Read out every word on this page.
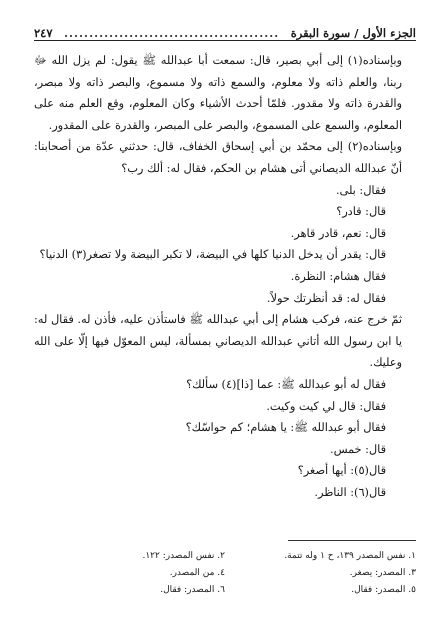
الجزء الأول / سورة البقرة
...........................................
٢٤٧

وبإسناده(١) إلى أبي بصير، قال: سمعت أبا عبدالله ﷺ يقول: لم يزل الله ﷻ ربنا، والعلم ذاته ولا معلوم، والسمع ذاته ولا مسموع، والبصر ذاته ولا مبصر، والقدرة ذاته ولا مقدور. فلمّا أحدث الأشياء وكان المعلوم، وقع العلم منه على المعلوم، والسمع على المسموع، والبصر على المبصر، والقدرة على المقدور.

وبإسناده(٢) إلى محمّد بن أبي إسحاق الخفاف، قال: حدثني عدّة من أصحابنا: أنّ عبدالله الديصاني أتى هشام بن الحكم، فقال له: ألك رب؟

فقال: بلى.

قال: قادر؟

قال: نعم، قادر قاهر.

قال: يقدر أن يدخل الدنيا كلها في البيضة، لا تكبر البيضة ولا تصغر(٣) الدنيا؟

فقال هشام: النظرة.

فقال له: قد أنظرتك حولاً.

ثمّ خرج عنه، فركب هشام إلى أبي عبدالله ﷺ فاستأذن عليه، فأذن له. فقال له: يا ابن رسول الله أتاني عبدالله الديصاني بمسألة، ليس المعوّل فيها إلّا على الله وعليك.

فقال له أبو عبدالله ﷺ: عما [ذا](٤) سألك؟

فقال: قال لي كيت وكيت.

فقال أبو عبدالله ﷺ: يا هشام؛ كم حواسّك؟

قال: خمس.

قال(٥): أيها أصغر؟

قال(٦): الناظر.

١. نفس المصدر ١٣٩، ح ١ وله تتمة.
٢. نفس المصدر: ١٢٢.
٣. المصدر: يصغر.
٤. من المصدر.
٥. المصدر: فقال.
٦. المصدر: فقال.
